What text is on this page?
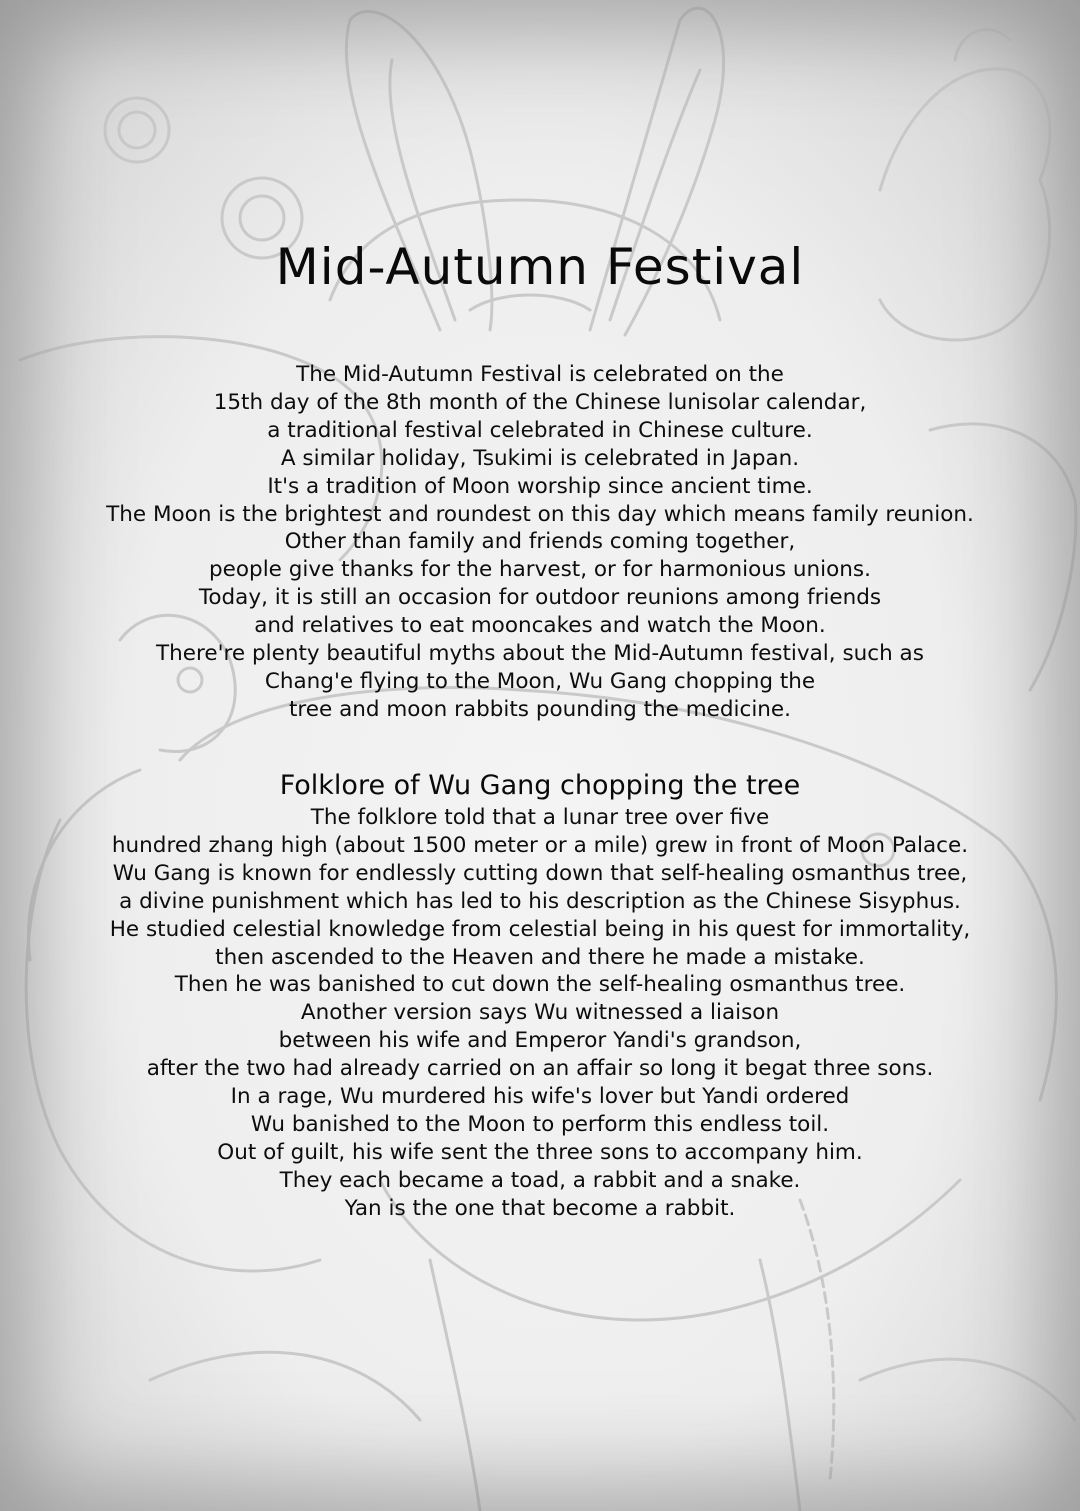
Mid-Autumn Festival
The Mid-Autumn Festival is celebrated on the
15th day of the 8th month of the Chinese lunisolar calendar,
a traditional festival celebrated in Chinese culture.
A similar holiday, Tsukimi is celebrated in Japan.
It's a tradition of Moon worship since ancient time.
The Moon is the brightest and roundest on this day which means family reunion.
Other than family and friends coming together,
people give thanks for the harvest, or for harmonious unions.
Today, it is still an occasion for outdoor reunions among friends
and relatives to eat mooncakes and watch the Moon.
There're plenty beautiful myths about the Mid-Autumn festival, such as
Chang'e flying to the Moon, Wu Gang chopping the
tree and moon rabbits pounding the medicine.
Folklore of Wu Gang chopping the tree
The folklore told that a lunar tree over five
hundred zhang high (about 1500 meter or a mile) grew in front of Moon Palace.
Wu Gang is known for endlessly cutting down that self-healing osmanthus tree,
a divine punishment which has led to his description as the Chinese Sisyphus.
He studied celestial knowledge from celestial being in his quest for immortality,
then ascended to the Heaven and there he made a mistake.
Then he was banished to cut down the self-healing osmanthus tree.
Another version says Wu witnessed a liaison
between his wife and Emperor Yandi's grandson,
after the two had already carried on an affair so long it begat three sons.
In a rage, Wu murdered his wife's lover but Yandi ordered
Wu banished to the Moon to perform this endless toil.
Out of guilt, his wife sent the three sons to accompany him.
They each became a toad, a rabbit and a snake.
Yan is the one that become a rabbit.
